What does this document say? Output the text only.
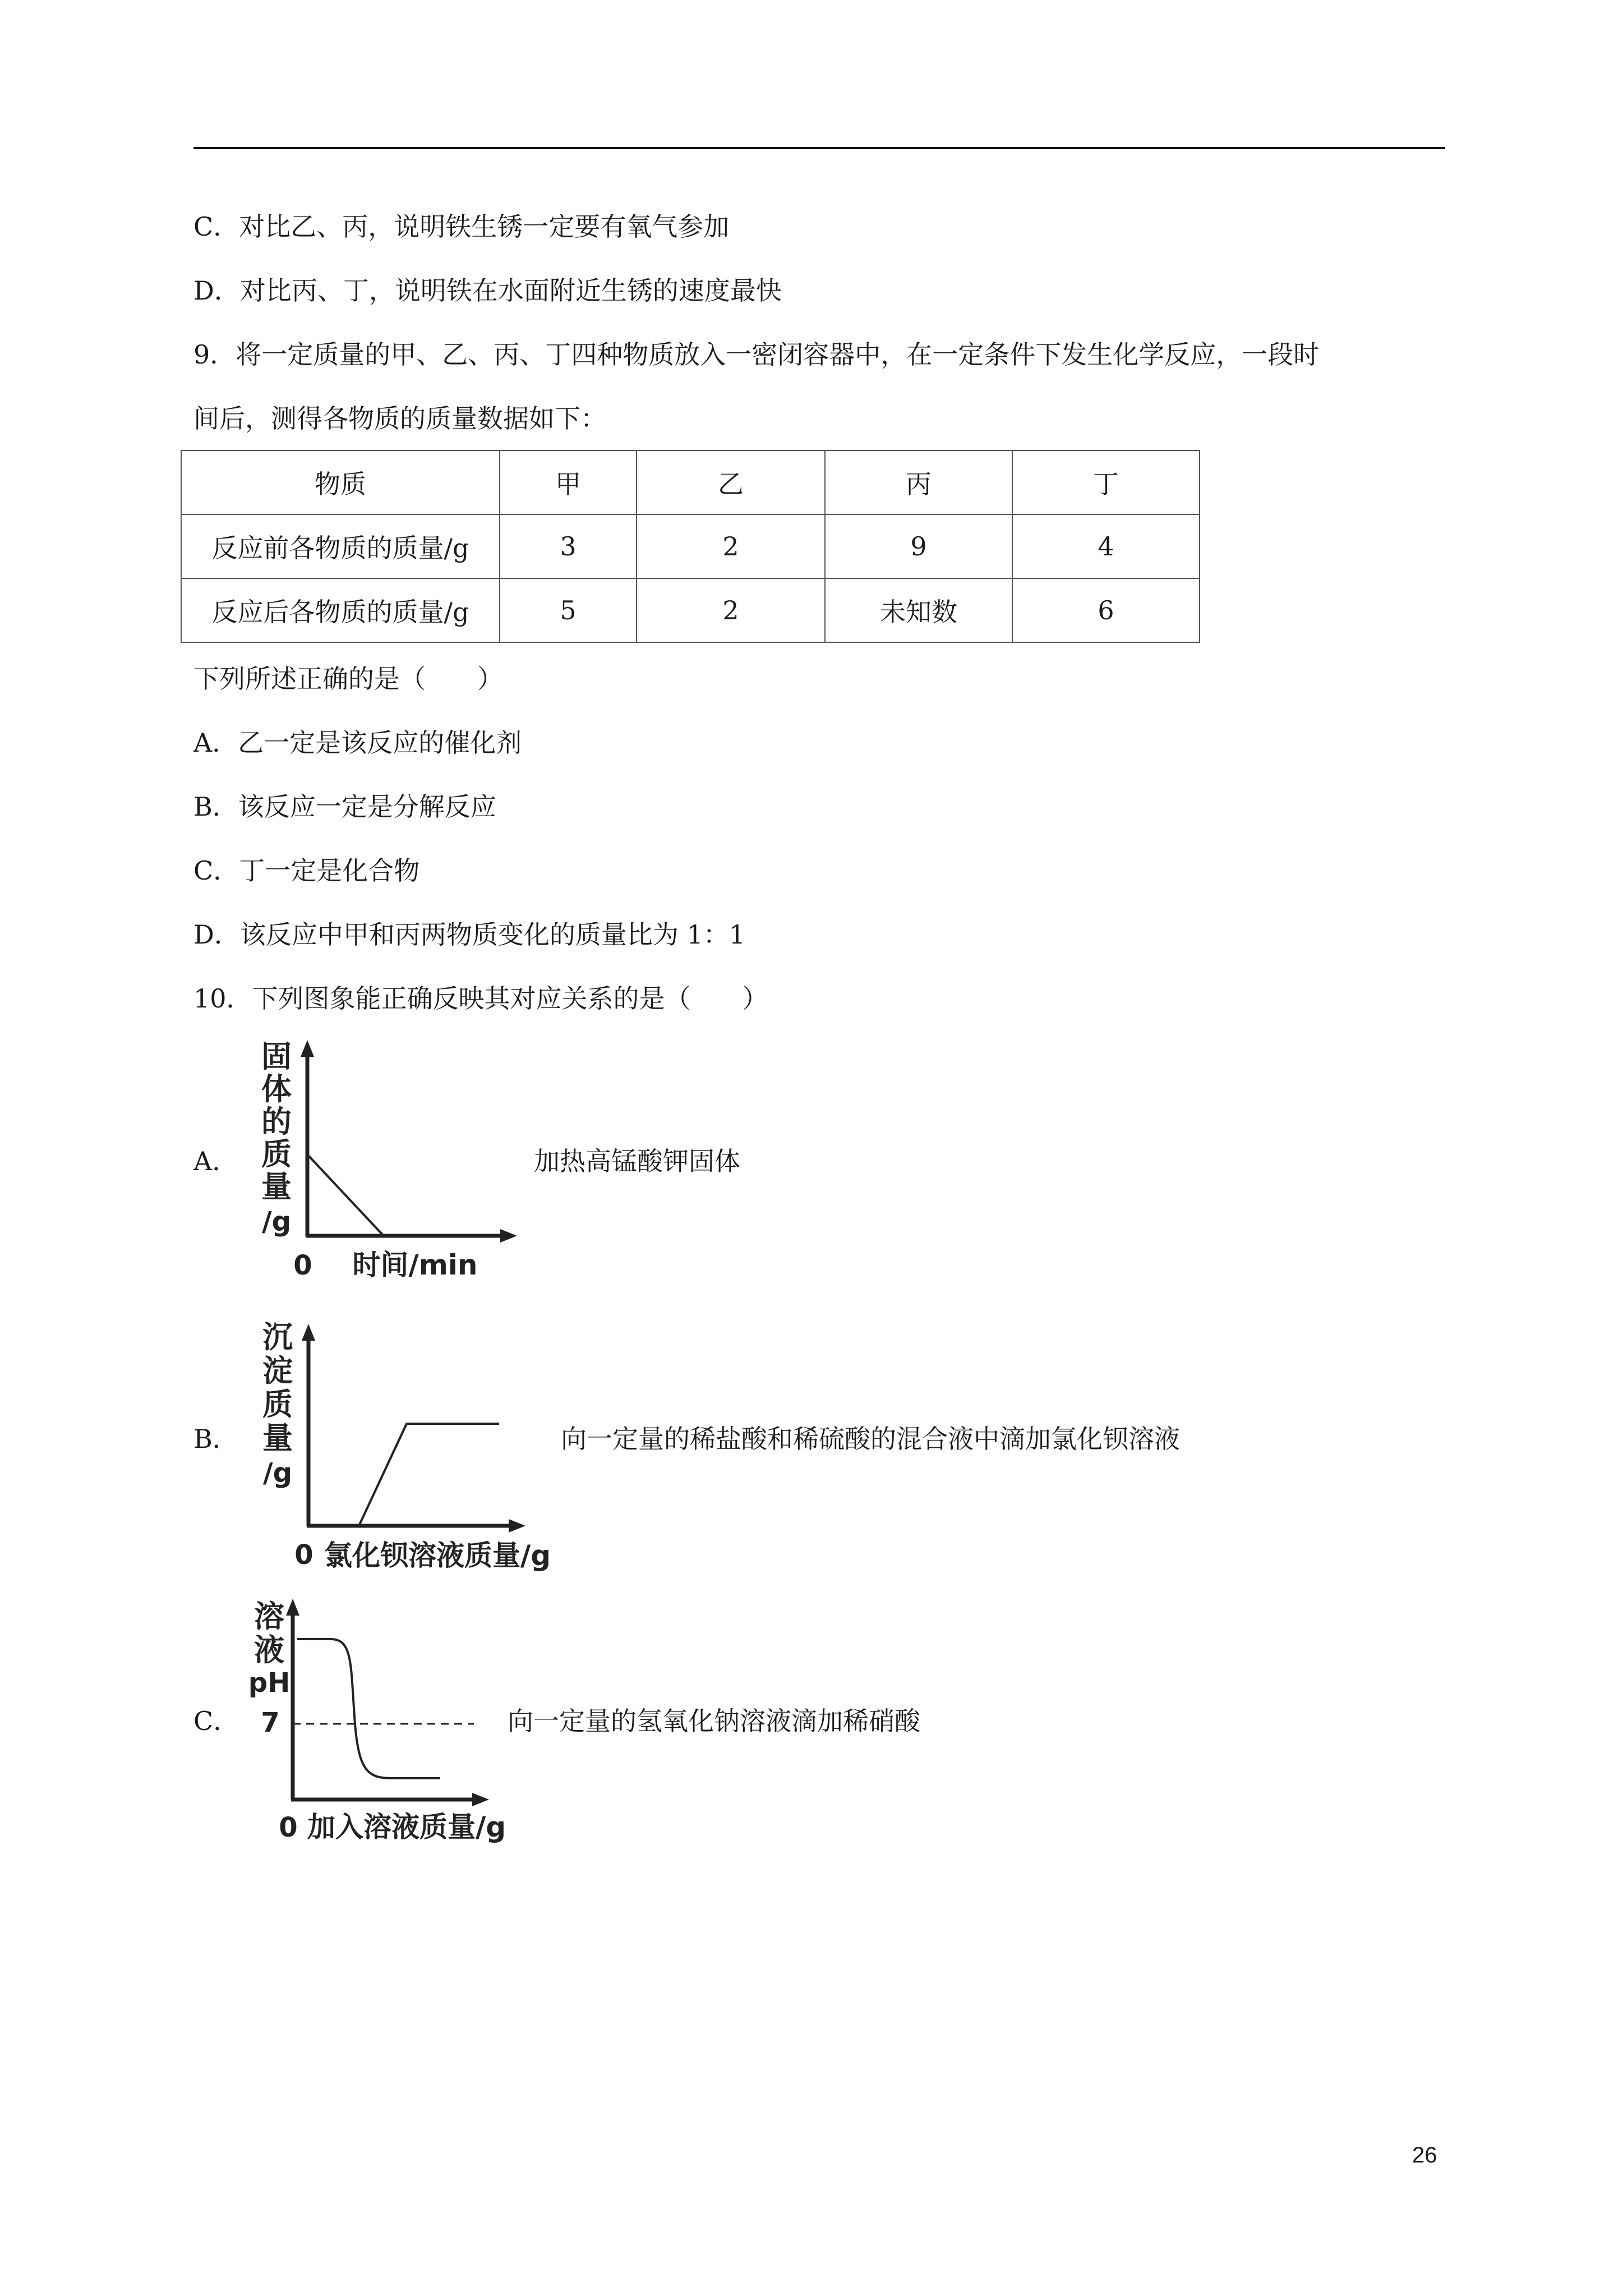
C．对比乙、丙，说明铁生锈一定要有氧气参加
D．对比丙、丁，说明铁在水面附近生锈的速度最快
9．将一定质量的甲、乙、丙、丁四种物质放入一密闭容器中，在一定条件下发生化学反应，一段时
间后，测得各物质的质量数据如下：
物质	甲	乙	丙	丁
反应前各物质的质量/g	3	2	9	4
反应后各物质的质量/g	5	2	未知数	6
下列所述正确的是（　　）
A．乙一定是该反应的催化剂
B．该反应一定是分解反应
C．丁一定是化合物
D．该反应中甲和丙两物质变化的质量比为 1：1
10．下列图象能正确反映其对应关系的是（　　）
A．
固
体
的
质
量
/g
0 时间/min
加热高锰酸钾固体
B．
沉
淀
质
量
/g
0 氯化钡溶液质量/g
向一定量的稀盐酸和稀硫酸的混合液中滴加氯化钡溶液
C．
溶
液
pH
7
0 加入溶液质量/g
向一定量的氢氧化钠溶液滴加稀硝酸
26
